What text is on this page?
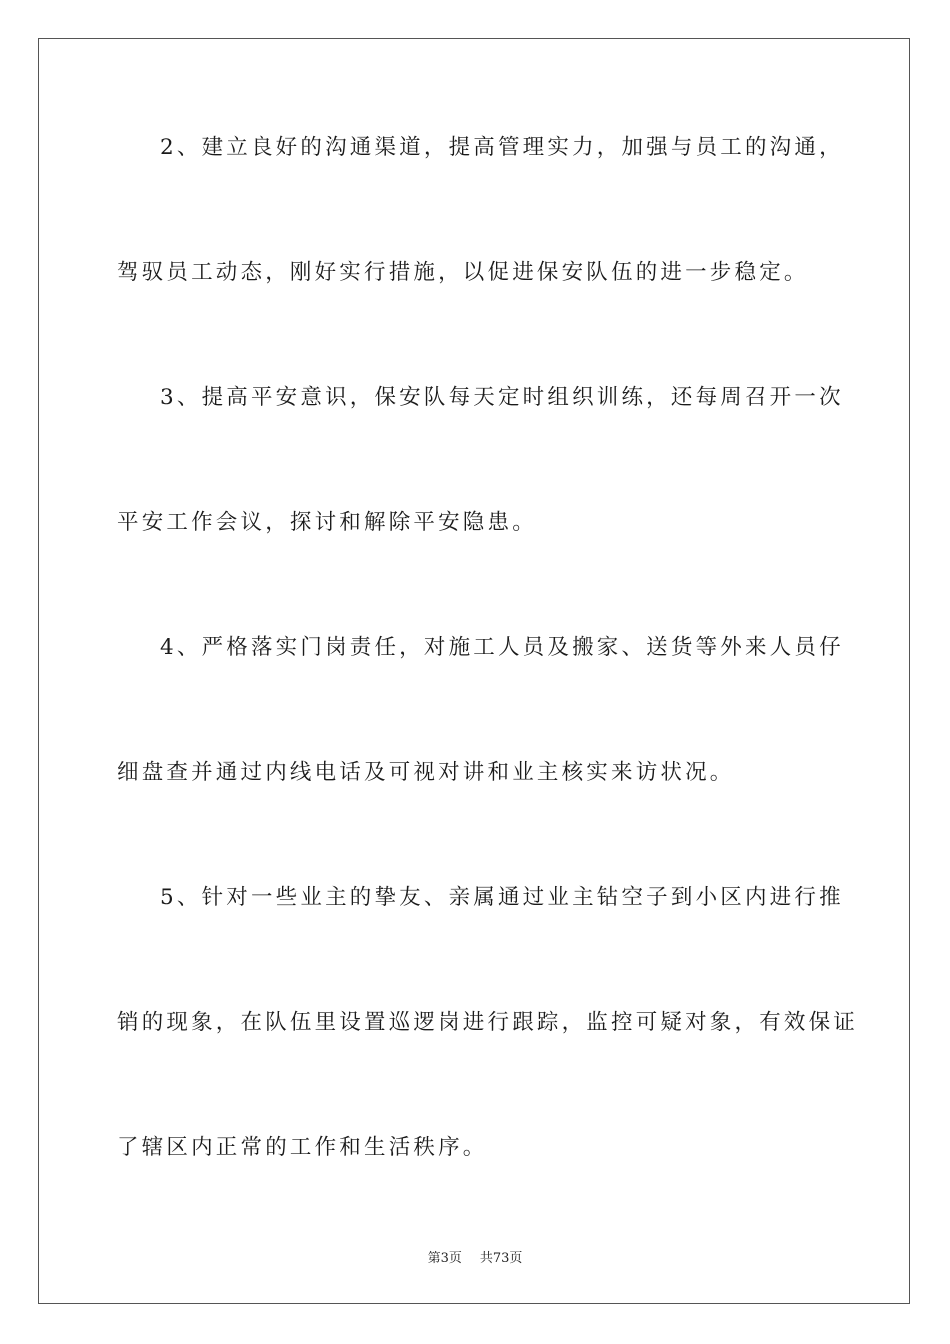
2、建立良好的沟通渠道，提高管理实力，加强与员工的沟通，
驾驭员工动态，刚好实行措施，以促进保安队伍的进一步稳定。
3、提高平安意识，保安队每天定时组织训练，还每周召开一次
平安工作会议，探讨和解除平安隐患。
4、严格落实门岗责任，对施工人员及搬家、送货等外来人员仔
细盘查并通过内线电话及可视对讲和业主核实来访状况。
5、针对一些业主的挚友、亲属通过业主钻空子到小区内进行推
销的现象，在队伍里设置巡逻岗进行跟踪，监控可疑对象，有效保证
了辖区内正常的工作和生活秩序。
第3页 共73页
